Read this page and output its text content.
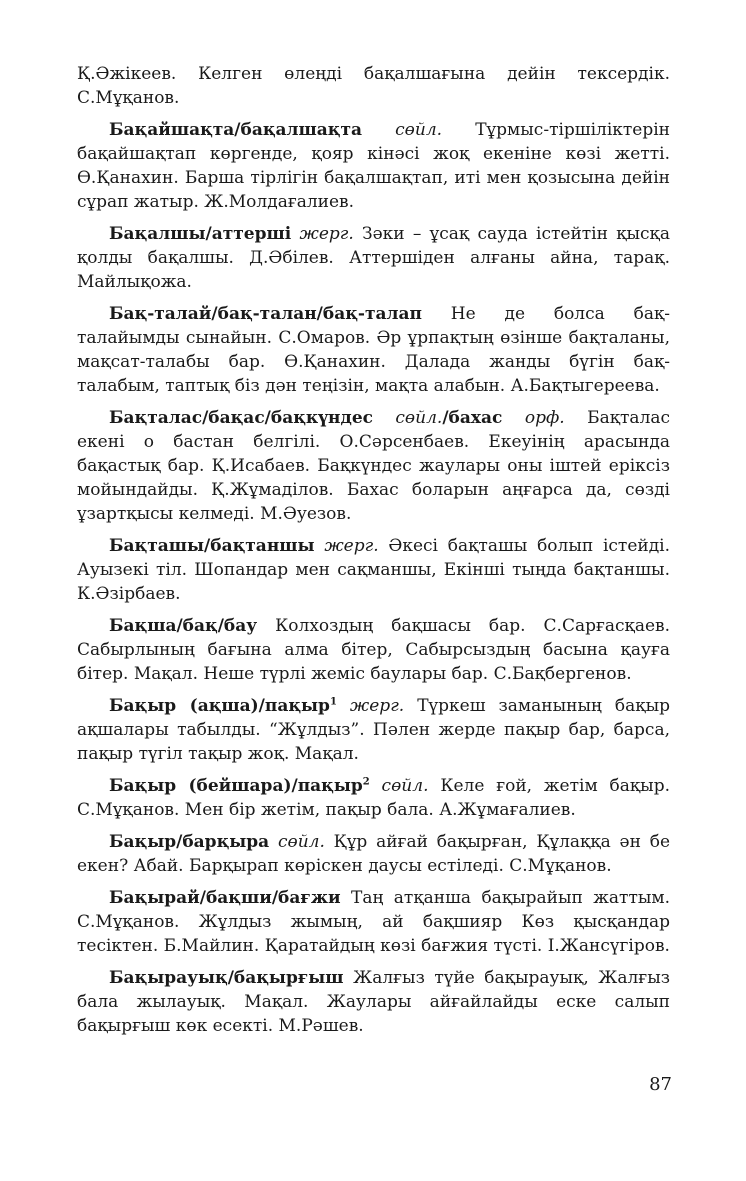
Қ.Әжікеев. Келген өлеңді бақалшағына дейін тексердік. С.Мұқанов.

Бақайшақта/бақалшақта сөйл. Тұрмыс-тіршіліктерін бақайшақтап көргенде, қояр кінәсі жоқ екеніне көзі жетті. Ө.Қанахин. Барша тірлігін бақалшақтап, иті мен қозысына дейін сұрап жатыр. Ж.Молдағалиев.

Бақалшы/аттерші жерг. Зәки – ұсақ сауда істейтін қысқа қолды бақалшы. Д.Әбілев. Аттершіден алғаны айна, тарақ. Майлықожа.

Бақ-талай/бақ-талан/бақ-талап Не де болса бақ-талайымды сынайын. С.Омаров. Әр ұрпақтың өзінше бақталаны, мақсат-талабы бар. Ө.Қанахин. Далада жанды бүгін бақ-талабым, таптық біз дән теңізін, мақта алабын. А.Бақтыгереева.

Бақталас/бақас/бақкүндес сөйл./бахас орф. Бақталас екені о бастан белгілі. О.Сәрсенбаев. Екеуінің арасында бақастық бар. Қ.Исабаев. Бақкүндес жаулары оны іштей еріксіз мойындайды. Қ.Жұмаділов. Бахас боларын аңғарса да, сөзді ұзартқысы келмеді. М.Әуезов.

Бақташы/бақтаншы жерг. Әкесі бақташы болып істейді. Ауызекі тіл. Шопандар мен сақманшы, Екінші тыңда бақтаншы. К.Әзірбаев.

Бақша/бақ/бау Колхоздың бақшасы бар. С.Сарғасқаев. Сабырлының бағына алма бітер, Сабырсыздың басына қауға бітер. Мақал. Неше түрлі жеміс баулары бар. С.Бақбергенов.

Бақыр (ақша)/пақыр$^1$ жерг. Түркеш заманының бақыр ақшалары табылды. “Жұлдыз”. Пәлен жерде пақыр бар, барса, пақыр түгіл тақыр жоқ. Мақал.

Бақыр (бейшара)/пақыр$^2$ сөйл. Келе ғой, жетім бақыр. С.Мұқанов. Мен бір жетім, пақыр бала. А.Жұмағалиев.

Бақыр/барқыра сөйл. Құр айғай бақырған, Құлаққа ән бе екен? Абай. Барқырап көріскен даусы естіледі. С.Мұқанов.

Бақырай/бақши/бағжи Таң атқанша бақырайып жаттым. С.Мұқанов. Жұлдыз жымың, ай бақшияр Көз қысқандар тесіктен. Б.Майлин. Қаратайдың көзі бағжия түсті. І.Жансүгіров.

Бақырауық/бақырғыш Жалғыз түйе бақырауық, Жалғыз бала жылауық. Мақал. Жаулары айғайлайды еске салып бақырғыш көк есекті. М.Рәшев.

87
